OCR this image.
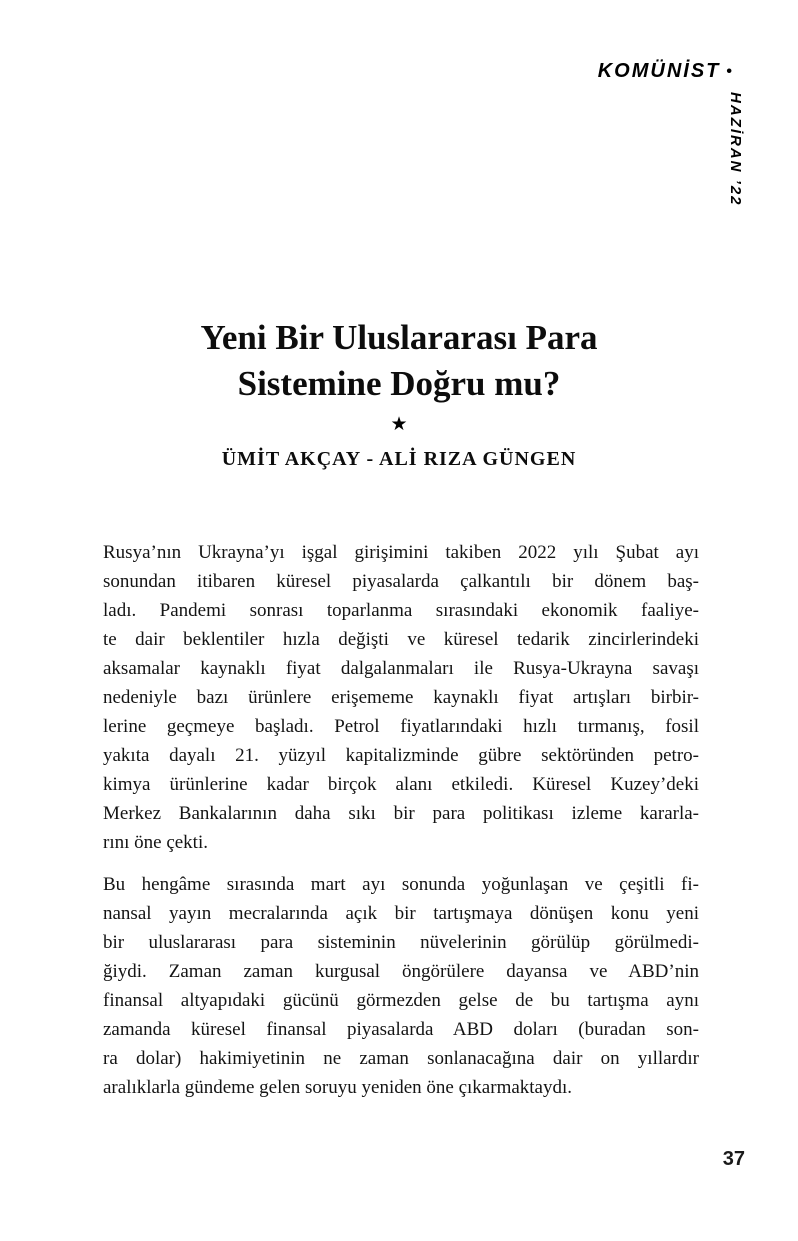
KOMÜNİST •
HAZİRAN ’22
Yeni Bir Uluslararası Para
Sistemine Doğru mu?
★
ÜMİT AKÇAY - ALİ RIZA GÜNGEN
Rusya’nın Ukrayna’yı işgal girişimini takiben 2022 yılı Şubat ayı
sonundan itibaren küresel piyasalarda çalkantılı bir dönem baş-
ladı. Pandemi sonrası toparlanma sırasındaki ekonomik faaliye-
te dair beklentiler hızla değişti ve küresel tedarik zincirlerindeki
aksamalar kaynaklı fiyat dalgalanmaları ile Rusya-Ukrayna savaşı
nedeniyle bazı ürünlere erişememe kaynaklı fiyat artışları birbir-
lerine geçmeye başladı. Petrol fiyatlarındaki hızlı tırmanış, fosil
yakıta dayalı 21. yüzyıl kapitalizminde gübre sektöründen petro-
kimya ürünlerine kadar birçok alanı etkiledi. Küresel Kuzey’deki
Merkez Bankalarının daha sıkı bir para politikası izleme kararla-
rını öne çekti.
Bu hengâme sırasında mart ayı sonunda yoğunlaşan ve çeşitli fi-
nansal yayın mecralarında açık bir tartışmaya dönüşen konu yeni
bir uluslararası para sisteminin nüvelerinin görülüp görülmedi-
ğiydi. Zaman zaman kurgusal öngörülere dayansa ve ABD’nin
finansal altyapıdaki gücünü görmezden gelse de bu tartışma aynı
zamanda küresel finansal piyasalarda ABD doları (buradan son-
ra dolar) hakimiyetinin ne zaman sonlanacağına dair on yıllardır
aralıklarla gündeme gelen soruyu yeniden öne çıkarmaktaydı.
37
